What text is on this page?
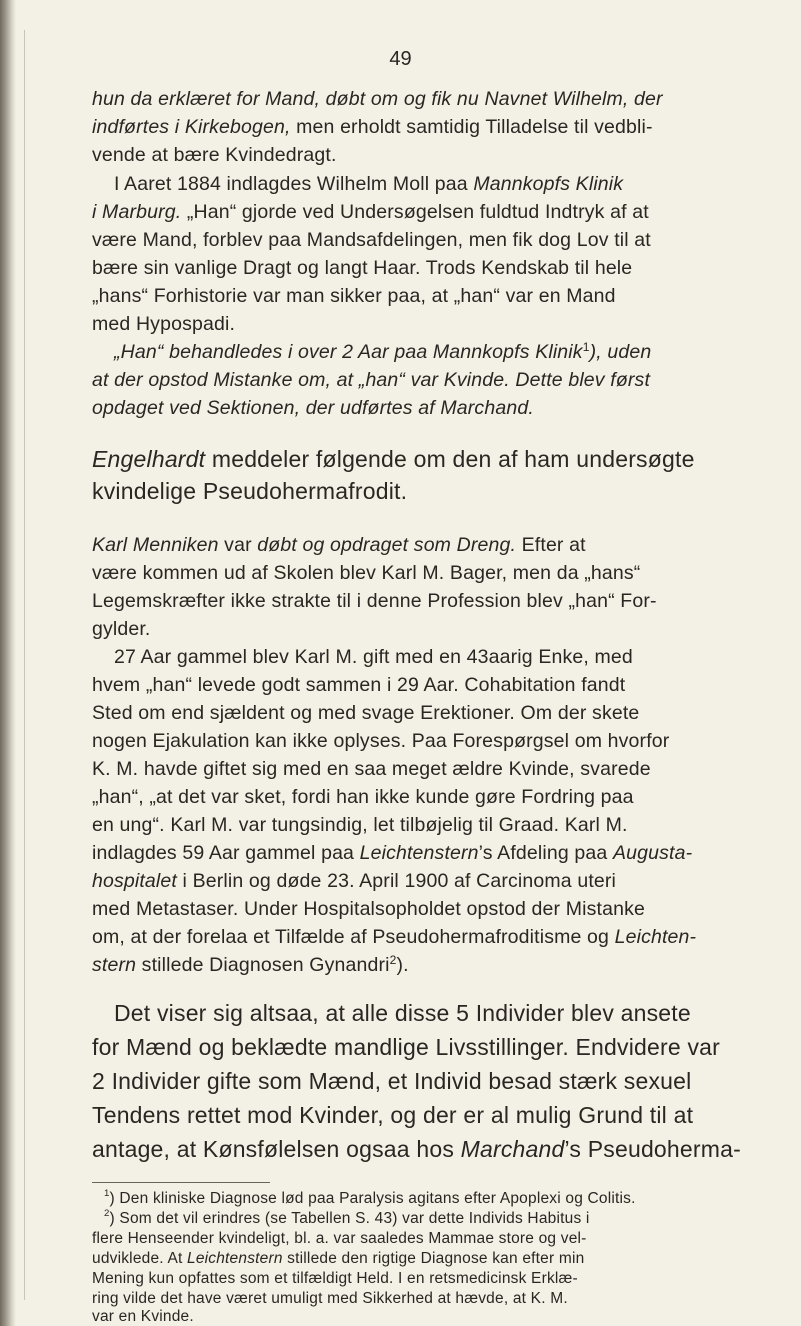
49
hun da erklæret for Mand, døbt om og fik nu Navnet Wilhelm, der
indførtes i Kirkebogen, men erholdt samtidig Tilladelse til vedbli-
vende at bære Kvindedragt.
I Aaret 1884 indlagdes Wilhelm Moll paa Mannkopfs Klinik
i Marburg. „Han“ gjorde ved Undersøgelsen fuldtud Indtryk af at
være Mand, forblev paa Mandsafdelingen, men fik dog Lov til at
bære sin vanlige Dragt og langt Haar. Trods Kendskab til hele
„hans“ Forhistorie var man sikker paa, at „han“ var en Mand
med Hypospadi.
„Han“ behandledes i over 2 Aar paa Mannkopfs Klinik$^1$), uden
at der opstod Mistanke om, at „han“ var Kvinde. Dette blev først
opdaget ved Sektionen, der udførtes af Marchand.
Engelhardt meddeler følgende om den af ham undersøgte
kvindelige Pseudohermafrodit.
Karl Menniken var døbt og opdraget som Dreng. Efter at
være kommen ud af Skolen blev Karl M. Bager, men da „hans“
Legemskræfter ikke strakte til i denne Profession blev „han“ For-
gylder.
27 Aar gammel blev Karl M. gift med en 43aarig Enke, med
hvem „han“ levede godt sammen i 29 Aar. Cohabitation fandt
Sted om end sjældent og med svage Erektioner. Om der skete
nogen Ejakulation kan ikke oplyses. Paa Forespørgsel om hvorfor
K. M. havde giftet sig med en saa meget ældre Kvinde, svarede
„han“, „at det var sket, fordi han ikke kunde gøre Fordring paa
en ung“. Karl M. var tungsindig, let tilbøjelig til Graad. Karl M.
indlagdes 59 Aar gammel paa Leichtenstern’s Afdeling paa Augusta-
hospitalet i Berlin og døde 23. April 1900 af Carcinoma uteri
med Metastaser. Under Hospitalsopholdet opstod der Mistanke
om, at der forelaa et Tilfælde af Pseudohermafroditisme og Leichten-
stern stillede Diagnosen Gynandri$^2$).
Det viser sig altsaa, at alle disse 5 Individer blev ansete
for Mænd og beklædte mandlige Livsstillinger. Endvidere var
2 Individer gifte som Mænd, et Individ besad stærk sexuel
Tendens rettet mod Kvinder, og der er al mulig Grund til at
antage, at Kønsfølelsen ogsaa hos Marchand’s Pseudoherma-
$^1$) Den kliniske Diagnose lød paa Paralysis agitans efter Apoplexi og Colitis.
$^2$) Som det vil erindres (se Tabellen S. 43) var dette Individs Habitus i
flere Henseender kvindeligt, bl. a. var saaledes Mammae store og vel-
udviklede. At Leichtenstern stillede den rigtige Diagnose kan efter min
Mening kun opfattes som et tilfældigt Held. I en retsmedicinsk Erklæ-
ring vilde det have været umuligt med Sikkerhed at hævde, at K. M.
var en Kvinde.
